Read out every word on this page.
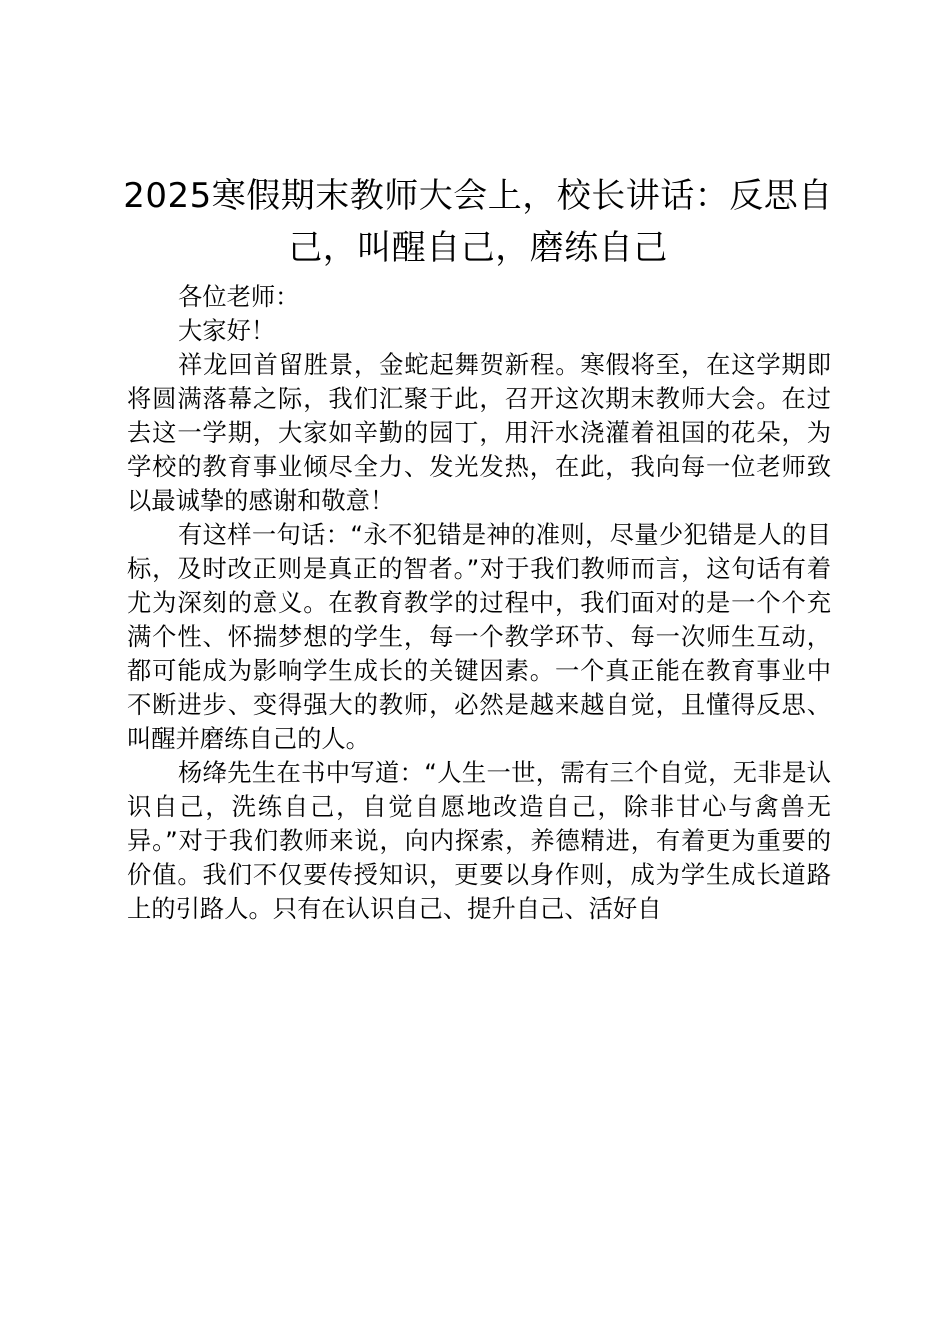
2025寒假期末教师大会上，校长讲话：反思自己，叫醒自己，磨练自己

各位老师：

大家好！

祥龙回首留胜景，金蛇起舞贺新程。寒假将至，在这学期即将圆满落幕之际，我们汇聚于此，召开这次期末教师大会。在过去这一学期，大家如辛勤的园丁，用汗水浇灌着祖国的花朵，为学校的教育事业倾尽全力、发光发热，在此，我向每一位老师致以最诚挚的感谢和敬意！

有这样一句话：“永不犯错是神的准则，尽量少犯错是人的目标，及时改正则是真正的智者。”对于我们教师而言，这句话有着尤为深刻的意义。在教育教学的过程中，我们面对的是一个个充满个性、怀揣梦想的学生，每一个教学环节、每一次师生互动，都可能成为影响学生成长的关键因素。一个真正能在教育事业中不断进步、变得强大的教师，必然是越来越自觉，且懂得反思、叫醒并磨练自己的人。

杨绛先生在书中写道：“人生一世，需有三个自觉，无非是认识自己，洗练自己，自觉自愿地改造自己，除非甘心与禽兽无异。”对于我们教师来说，向内探索，养德精进，有着更为重要的价值。我们不仅要传授知识，更要以身作则，成为学生成长道路上的引路人。只有在认识自己、提升自己、活好自
